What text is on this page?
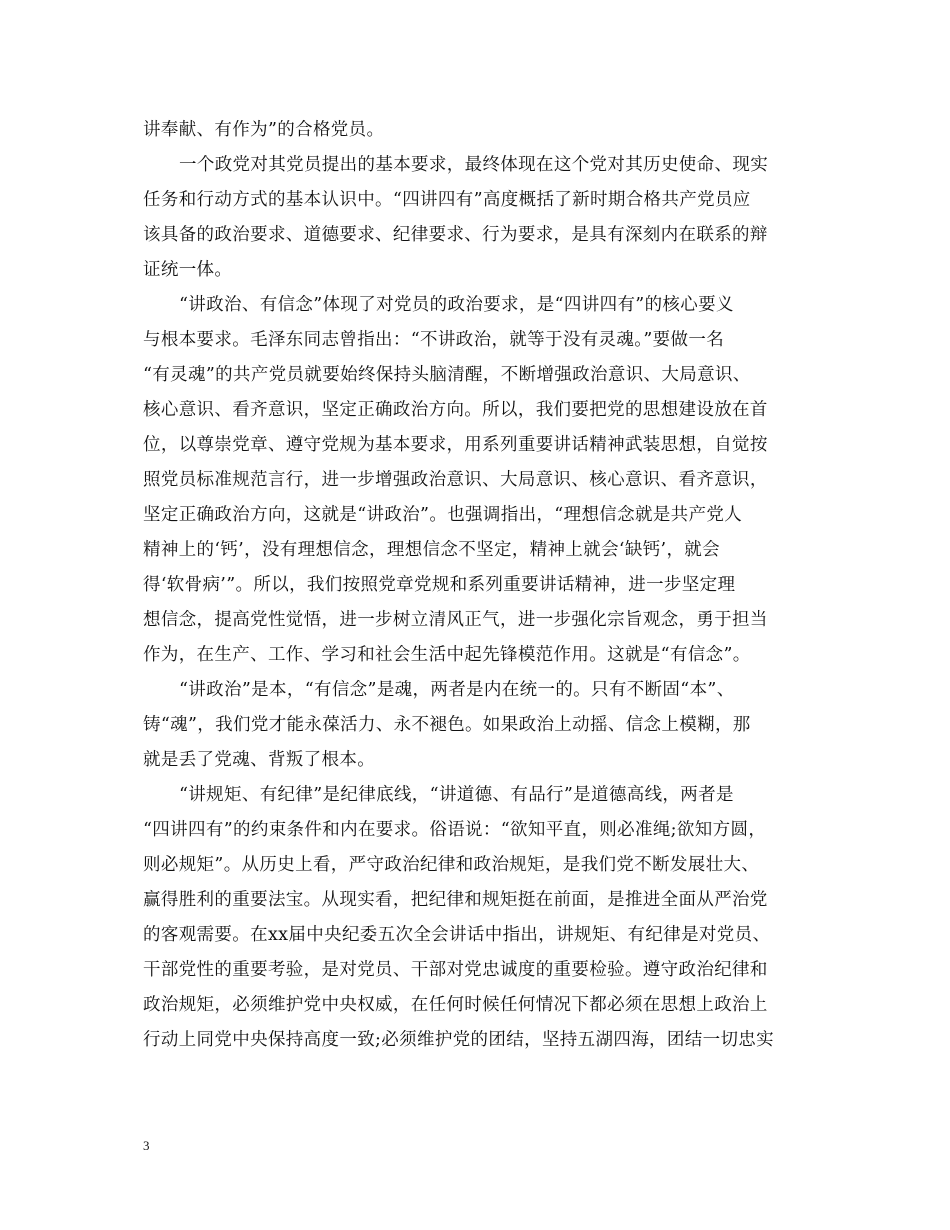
讲奉献、有作为”的合格党员。
一个政党对其党员提出的基本要求，最终体现在这个党对其历史使命、现实
任务和行动方式的基本认识中。“四讲四有”高度概括了新时期合格共产党员应
该具备的政治要求、道德要求、纪律要求、行为要求，是具有深刻内在联系的辩
证统一体。
“讲政治、有信念”体现了对党员的政治要求，是“四讲四有”的核心要义
与根本要求。毛泽东同志曾指出：“不讲政治，就等于没有灵魂。”要做一名
“有灵魂”的共产党员就要始终保持头脑清醒，不断增强政治意识、大局意识、
核心意识、看齐意识，坚定正确政治方向。所以，我们要把党的思想建设放在首
位，以尊崇党章、遵守党规为基本要求，用系列重要讲话精神武装思想，自觉按
照党员标准规范言行，进一步增强政治意识、大局意识、核心意识、看齐意识，
坚定正确政治方向，这就是“讲政治”。也强调指出，“理想信念就是共产党人
精神上的‘钙’，没有理想信念，理想信念不坚定，精神上就会‘缺钙’，就会
得‘软骨病’”。所以，我们按照党章党规和系列重要讲话精神，进一步坚定理
想信念，提高党性觉悟，进一步树立清风正气，进一步强化宗旨观念，勇于担当
作为，在生产、工作、学习和社会生活中起先锋模范作用。这就是“有信念”。
“讲政治”是本，“有信念”是魂，两者是内在统一的。只有不断固“本”、
铸“魂”，我们党才能永葆活力、永不褪色。如果政治上动摇、信念上模糊，那
就是丢了党魂、背叛了根本。
“讲规矩、有纪律”是纪律底线，“讲道德、有品行”是道德高线，两者是
“四讲四有”的约束条件和内在要求。俗语说：“欲知平直，则必准绳;欲知方圆，
则必规矩”。从历史上看，严守政治纪律和政治规矩，是我们党不断发展壮大、
赢得胜利的重要法宝。从现实看，把纪律和规矩挺在前面，是推进全面从严治党
的客观需要。在xx届中央纪委五次全会讲话中指出，讲规矩、有纪律是对党员、
干部党性的重要考验，是对党员、干部对党忠诚度的重要检验。遵守政治纪律和
政治规矩，必须维护党中央权威，在任何时候任何情况下都必须在思想上政治上
行动上同党中央保持高度一致;必须维护党的团结，坚持五湖四海，团结一切忠实
3
